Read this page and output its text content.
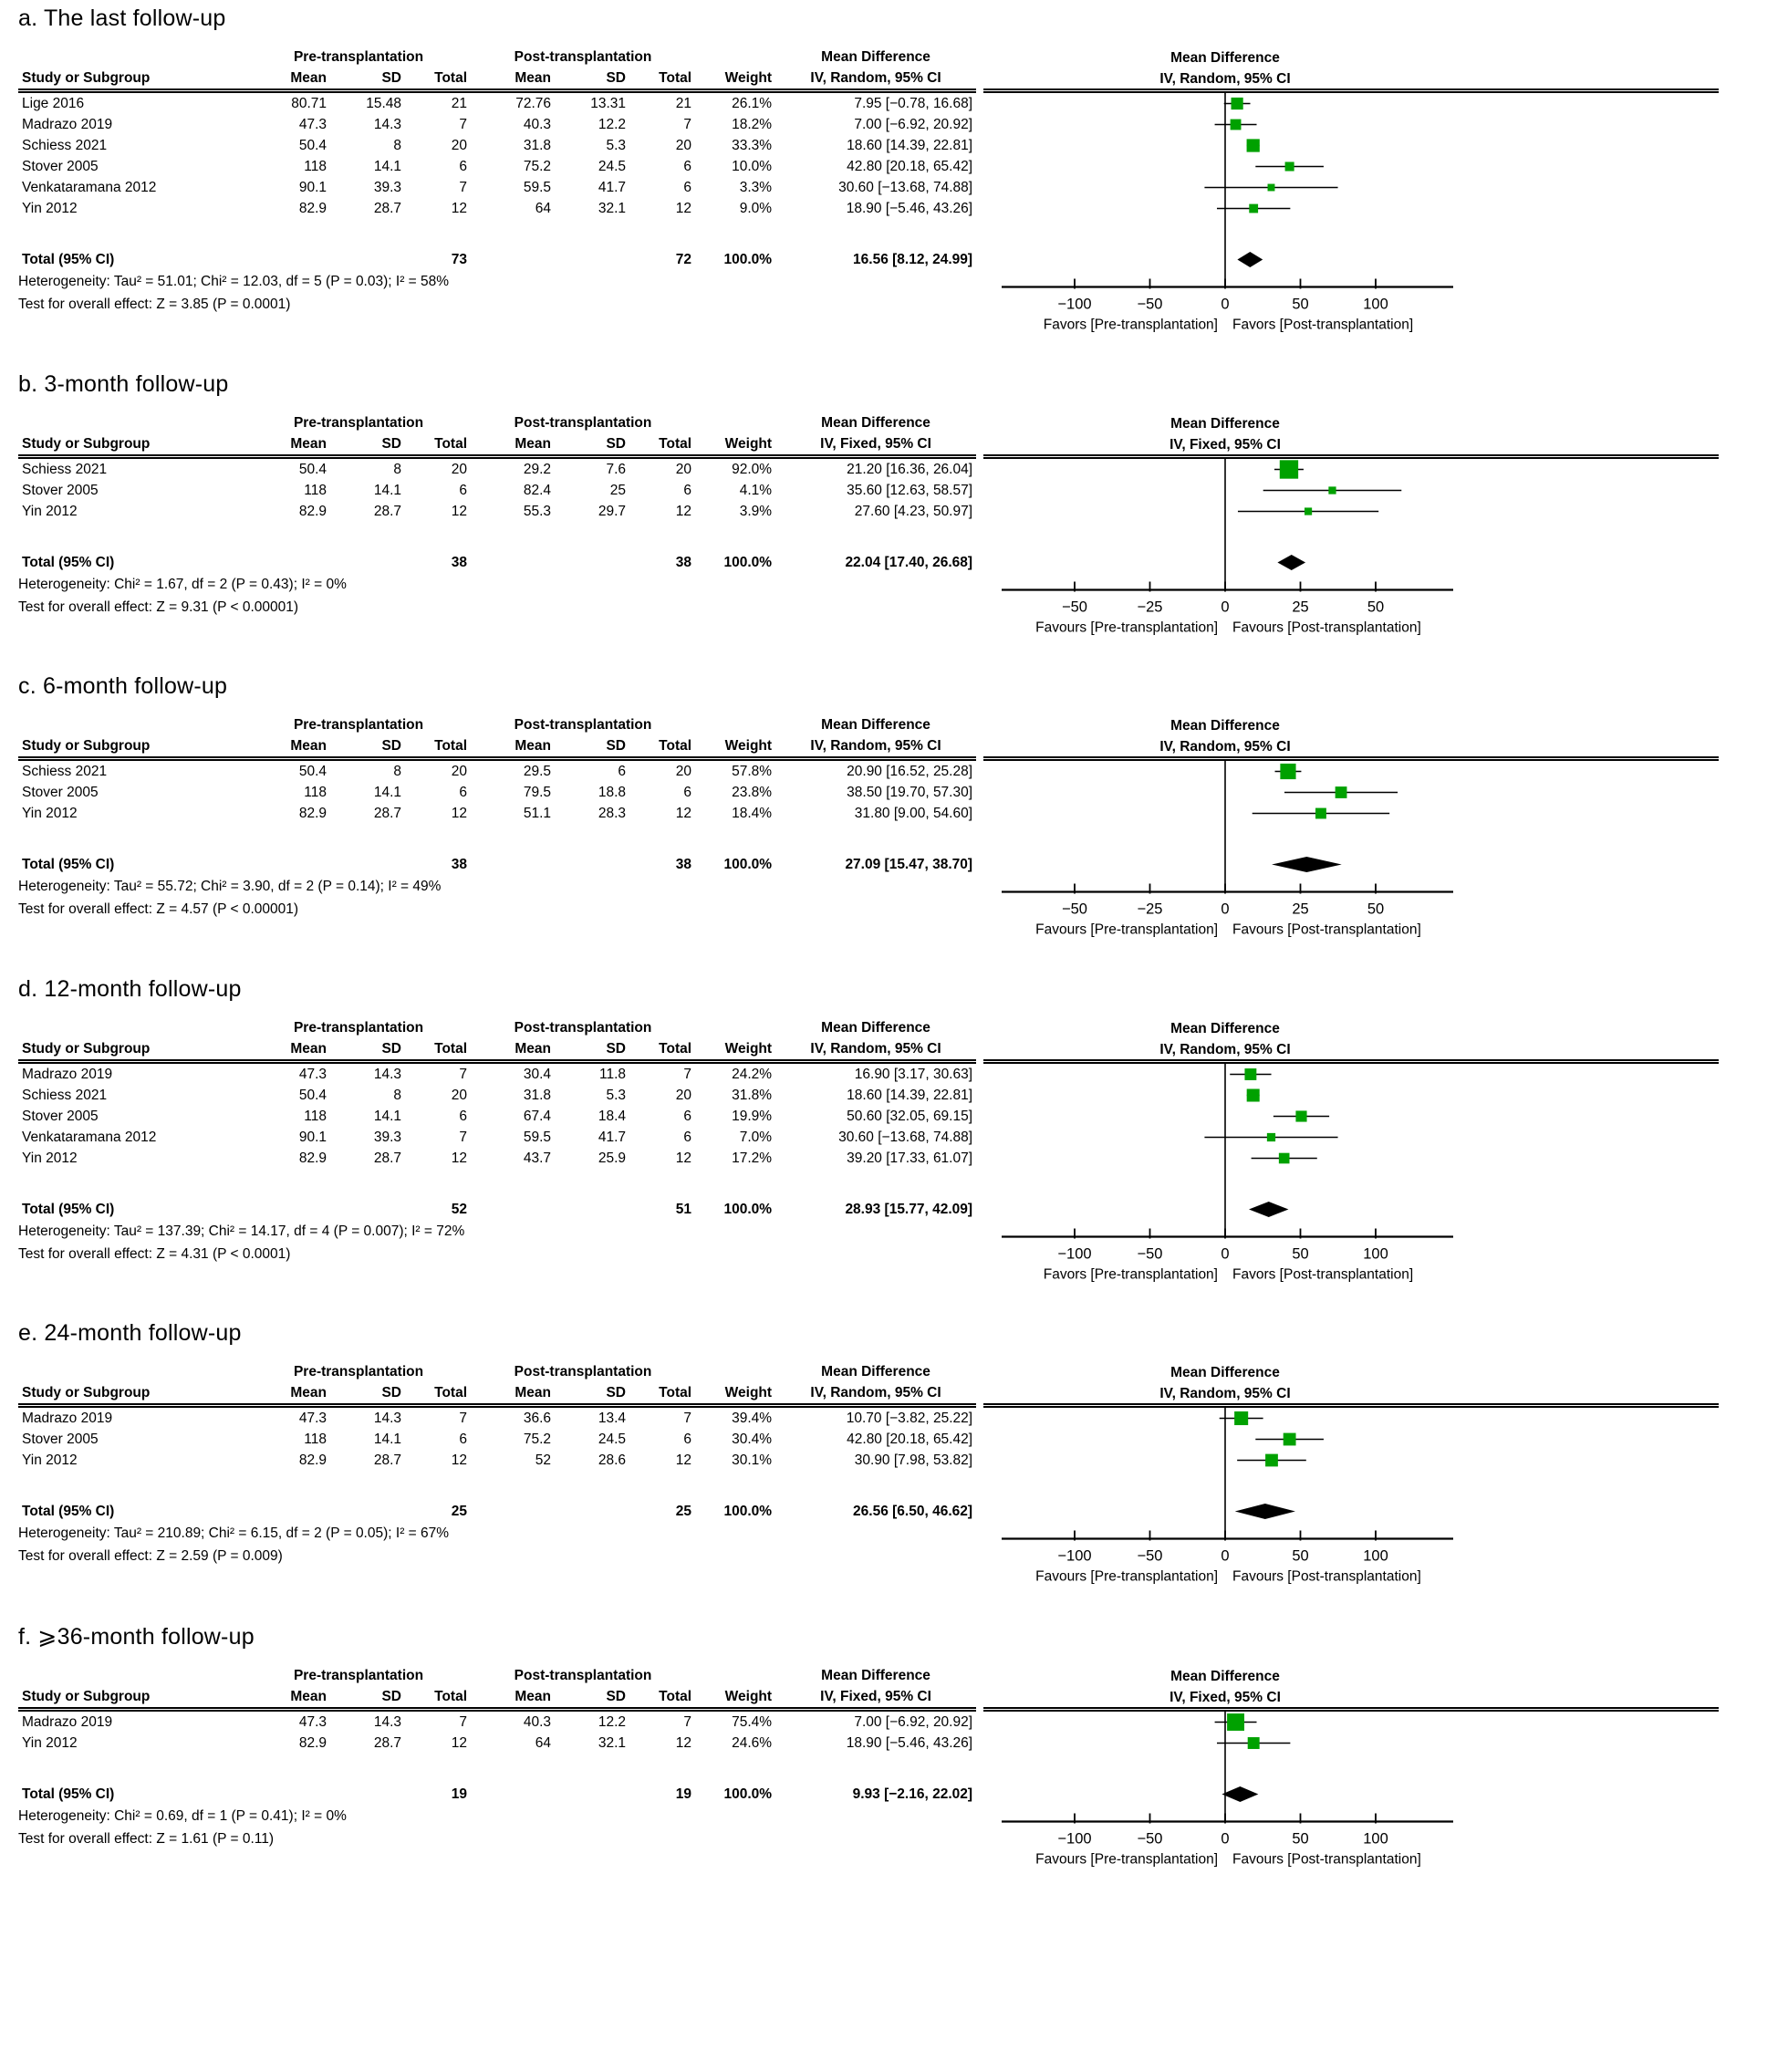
a. The last follow-up
	Pre-transplantation			Post-transplantation				Mean Difference
Study or Subgroup	Mean	SD	Total	Mean	SD	Total	Weight	IV, Random, 95% CI
Lige 2016	80.71	15.48	21	72.76	13.31	21	26.1%	7.95 [−0.78, 16.68]
Madrazo 2019	47.3	14.3	7	40.3	12.2	7	18.2%	7.00 [−6.92, 20.92]
Schiess 2021	50.4	8	20	31.8	5.3	20	33.3%	18.60 [14.39, 22.81]
Stover 2005	118	14.1	6	75.2	24.5	6	10.0%	42.80 [20.18, 65.42]
Venkataramana 2012	90.1	39.3	7	59.5	41.7	6	3.3%	30.60 [−13.68, 74.88]
Yin 2012	82.9	28.7	12	64	32.1	12	9.0%	18.90 [−5.46, 43.26]

Total (95% CI)			73			72	100.0%	16.56 [8.12, 24.99]
Heterogeneity: Tau² = 51.01; Chi² = 12.03, df = 5 (P = 0.03); I² = 58%
Test for overall effect: Z = 3.85 (P = 0.0001)
Mean Difference
IV, Random, 95% CI
−100	−50	0	50	100
Favors [Pre-transplantation] Favors [Post-transplantation]
b. 3-month follow-up
	Pre-transplantation			Post-transplantation				Mean Difference
Study or Subgroup	Mean	SD	Total	Mean	SD	Total	Weight	IV, Fixed, 95% CI
Schiess 2021	50.4	8	20	29.2	7.6	20	92.0%	21.20 [16.36, 26.04]
Stover 2005	118	14.1	6	82.4	25	6	4.1%	35.60 [12.63, 58.57]
Yin 2012	82.9	28.7	12	55.3	29.7	12	3.9%	27.60 [4.23, 50.97]

Total (95% CI)			38			38	100.0%	22.04 [17.40, 26.68]
Heterogeneity: Chi² = 1.67, df = 2 (P = 0.43); I² = 0%
Test for overall effect: Z = 9.31 (P < 0.00001)
Mean Difference
IV, Fixed, 95% CI
−50	−25	0	25	50
Favours [Pre-transplantation] Favours [Post-transplantation]
c. 6-month follow-up
	Pre-transplantation			Post-transplantation				Mean Difference
Study or Subgroup	Mean	SD	Total	Mean	SD	Total	Weight	IV, Random, 95% CI
Schiess 2021	50.4	8	20	29.5	6	20	57.8%	20.90 [16.52, 25.28]
Stover 2005	118	14.1	6	79.5	18.8	6	23.8%	38.50 [19.70, 57.30]
Yin 2012	82.9	28.7	12	51.1	28.3	12	18.4%	31.80 [9.00, 54.60]

Total (95% CI)			38			38	100.0%	27.09 [15.47, 38.70]
Heterogeneity: Tau² = 55.72; Chi² = 3.90, df = 2 (P = 0.14); I² = 49%
Test for overall effect: Z = 4.57 (P < 0.00001)
Mean Difference
IV, Random, 95% CI
−50	−25	0	25	50
Favours [Pre-transplantation] Favours [Post-transplantation]
d. 12-month follow-up
	Pre-transplantation			Post-transplantation				Mean Difference
Study or Subgroup	Mean	SD	Total	Mean	SD	Total	Weight	IV, Random, 95% CI
Madrazo 2019	47.3	14.3	7	30.4	11.8	7	24.2%	16.90 [3.17, 30.63]
Schiess 2021	50.4	8	20	31.8	5.3	20	31.8%	18.60 [14.39, 22.81]
Stover 2005	118	14.1	6	67.4	18.4	6	19.9%	50.60 [32.05, 69.15]
Venkataramana 2012	90.1	39.3	7	59.5	41.7	6	7.0%	30.60 [−13.68, 74.88]
Yin 2012	82.9	28.7	12	43.7	25.9	12	17.2%	39.20 [17.33, 61.07]

Total (95% CI)			52			51	100.0%	28.93 [15.77, 42.09]
Heterogeneity: Tau² = 137.39; Chi² = 14.17, df = 4 (P = 0.007); I² = 72%
Test for overall effect: Z = 4.31 (P < 0.0001)
Mean Difference
IV, Random, 95% CI
−100	−50	0	50	100
Favors [Pre-transplantation] Favors [Post-transplantation]
e. 24-month follow-up
	Pre-transplantation			Post-transplantation				Mean Difference
Study or Subgroup	Mean	SD	Total	Mean	SD	Total	Weight	IV, Random, 95% CI
Madrazo 2019	47.3	14.3	7	36.6	13.4	7	39.4%	10.70 [−3.82, 25.22]
Stover 2005	118	14.1	6	75.2	24.5	6	30.4%	42.80 [20.18, 65.42]
Yin 2012	82.9	28.7	12	52	28.6	12	30.1%	30.90 [7.98, 53.82]

Total (95% CI)			25			25	100.0%	26.56 [6.50, 46.62]
Heterogeneity: Tau² = 210.89; Chi² = 6.15, df = 2 (P = 0.05); I² = 67%
Test for overall effect: Z = 2.59 (P = 0.009)
Mean Difference
IV, Random, 95% CI
−100	−50	0	50	100
Favours [Pre-transplantation] Favours [Post-transplantation]
f. ⩾36-month follow-up
	Pre-transplantation			Post-transplantation				Mean Difference
Study or Subgroup	Mean	SD	Total	Mean	SD	Total	Weight	IV, Fixed, 95% CI
Madrazo 2019	47.3	14.3	7	40.3	12.2	7	75.4%	7.00 [−6.92, 20.92]
Yin 2012	82.9	28.7	12	64	32.1	12	24.6%	18.90 [−5.46, 43.26]

Total (95% CI)			19			19	100.0%	9.93 [−2.16, 22.02]
Heterogeneity: Chi² = 0.69, df = 1 (P = 0.41); I² = 0%
Test for overall effect: Z = 1.61 (P = 0.11)
Mean Difference
IV, Fixed, 95% CI
−100	−50	0	50	100
Favours [Pre-transplantation] Favours [Post-transplantation]
